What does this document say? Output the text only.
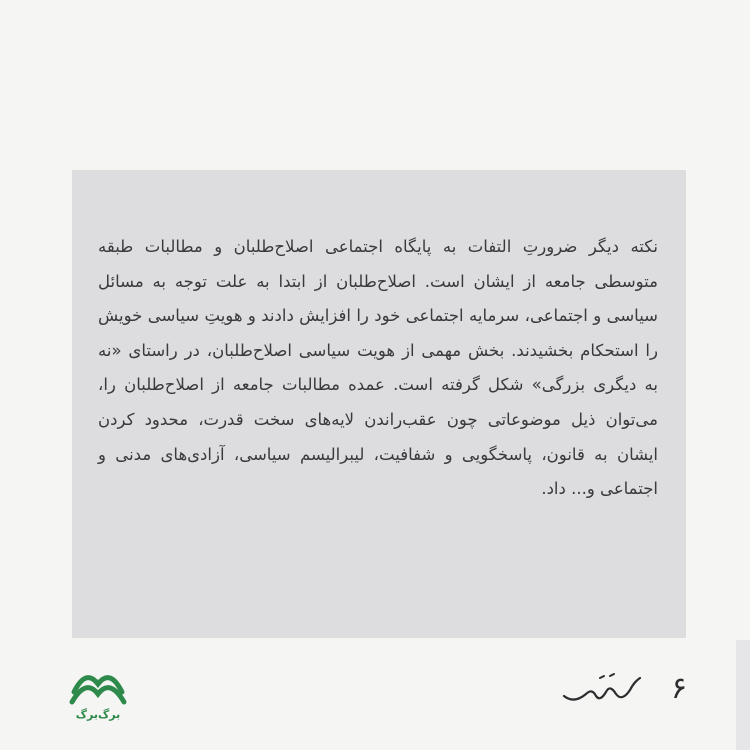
نکته دیگر ضرورتِ التفات به پایگاه اجتماعی اصلاح‌طلبان و مطالبات طبقه متوسطی جامعه از ایشان است. اصلاح‌طلبان از ابتدا به علت توجه به مسائل سیاسی و اجتماعی، سرمایه اجتماعی خود را افزایش دادند و هویتِ سیاسی خویش را استحکام بخشیدند. بخش مهمی از هویت سیاسی اصلاح‌طلبان، در راستای «نه به دیگری بزرگی» شکل گرفته است. عمده مطالبات جامعه از اصلاح‌طلبان را، می‌توان ذیل موضوعاتی چون عقب‌راندن لایه‌های سخت قدرت، محدود کردن ایشان به قانون، پاسخگویی و شفافیت، لیبرالیسم سیاسی، آزادی‌های مدنی و اجتماعی و... داد.

برگ‌برگ
۶
